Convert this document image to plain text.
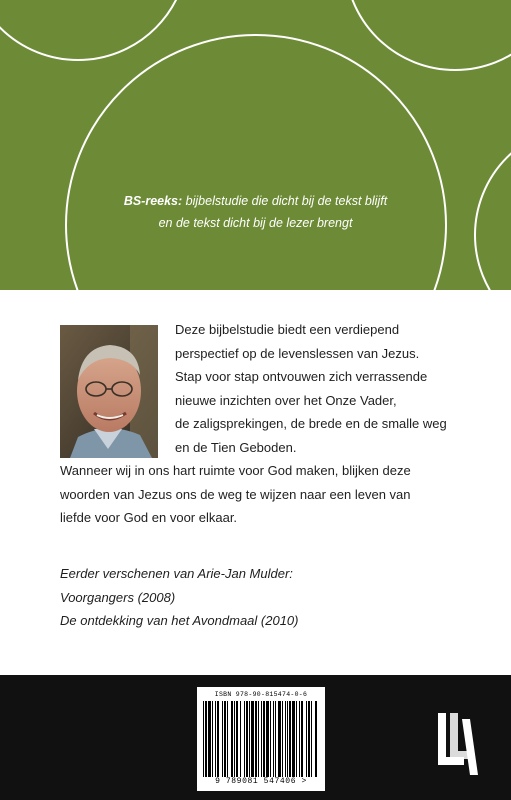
BS-reeks: bijbelstudie die dicht bij de tekst blijft
en de tekst dicht bij de lezer brengt
Deze bijbelstudie biedt een verdiepend
perspectief op de levenslessen van Jezus.
Stap voor stap ontvouwen zich verrassende
nieuwe inzichten over het Onze Vader,
de zaligsprekingen, de brede en de smalle weg
en de Tien Geboden.
Wanneer wij in ons hart ruimte voor God maken, blijken deze
woorden van Jezus ons de weg te wijzen naar een leven van
liefde voor God en voor elkaar.
Eerder verschenen van Arie-Jan Mulder:
Voorgangers (2008)
De ontdekking van het Avondmaal (2010)
ISBN 978-90-815474-0-6
9 789081 547406 >
